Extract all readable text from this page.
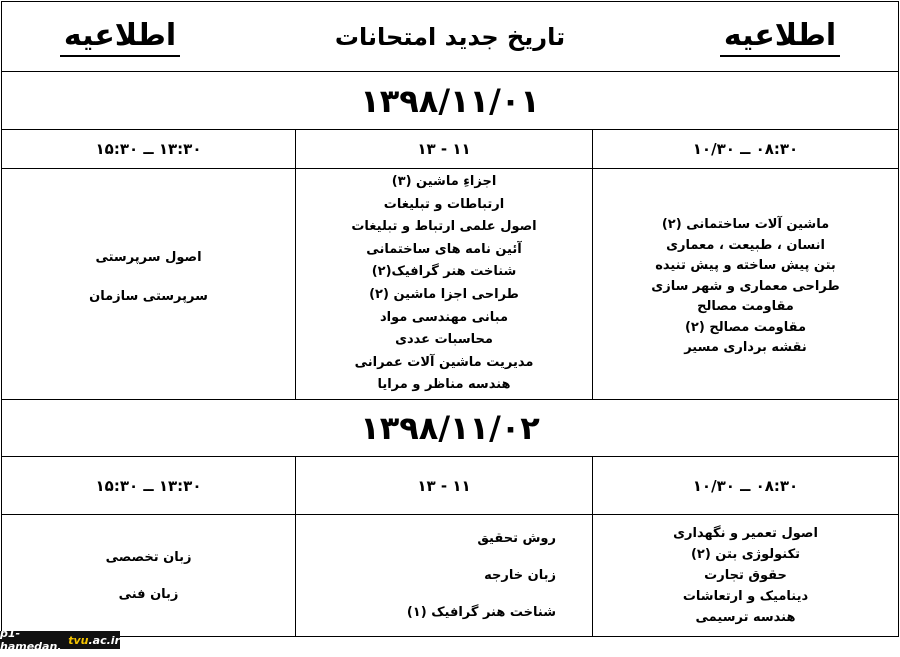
اطلاعیه	تاریخ جدید امتحانات	اطلاعیه
۱۳۹۸/۱۱/۰۱
۰۸:۳۰ ــ ۱۰/۳۰
۱۱ - ۱۳
۱۳:۳۰ ــ ۱۵:۳۰
ماشین آلات ساختمانی (۲)
انسان ، طبیعت ، معماری
بتن پیش ساخته و پیش تنیده
طراحی معماری و شهر سازی
مقاومت مصالح
مقاومت مصالح (۲)
نقشه برداری مسیر
اجزاءِ ماشین (۳)
ارتباطات و تبلیغات
اصول علمی ارتباط و تبلیغات
آئین نامه های ساختمانی
شناخت هنر گرافیک(۲)
طراحی اجزا ماشین (۲)
مبانی مهندسی مواد
محاسبات عددی
مدیریت ماشین آلات عمرانی
هندسه مناظر و مرایا
اصول سرپرستی
سرپرستی سازمان
۱۳۹۸/۱۱/۰۲
۰۸:۳۰ ــ ۱۰/۳۰
۱۱ - ۱۳
۱۳:۳۰ ــ ۱۵:۳۰
اصول تعمیر و نگهداری
تکنولوژی بتن (۲)
حقوق تجارت
دینامیک و ارتعاشات
هندسه ترسیمی
روش تحقیق
زبان خارجه
شناخت هنر گرافیک (۱)
زبان تخصصی
زبان فنی
p1-hamedan. tvu .ac.ir
